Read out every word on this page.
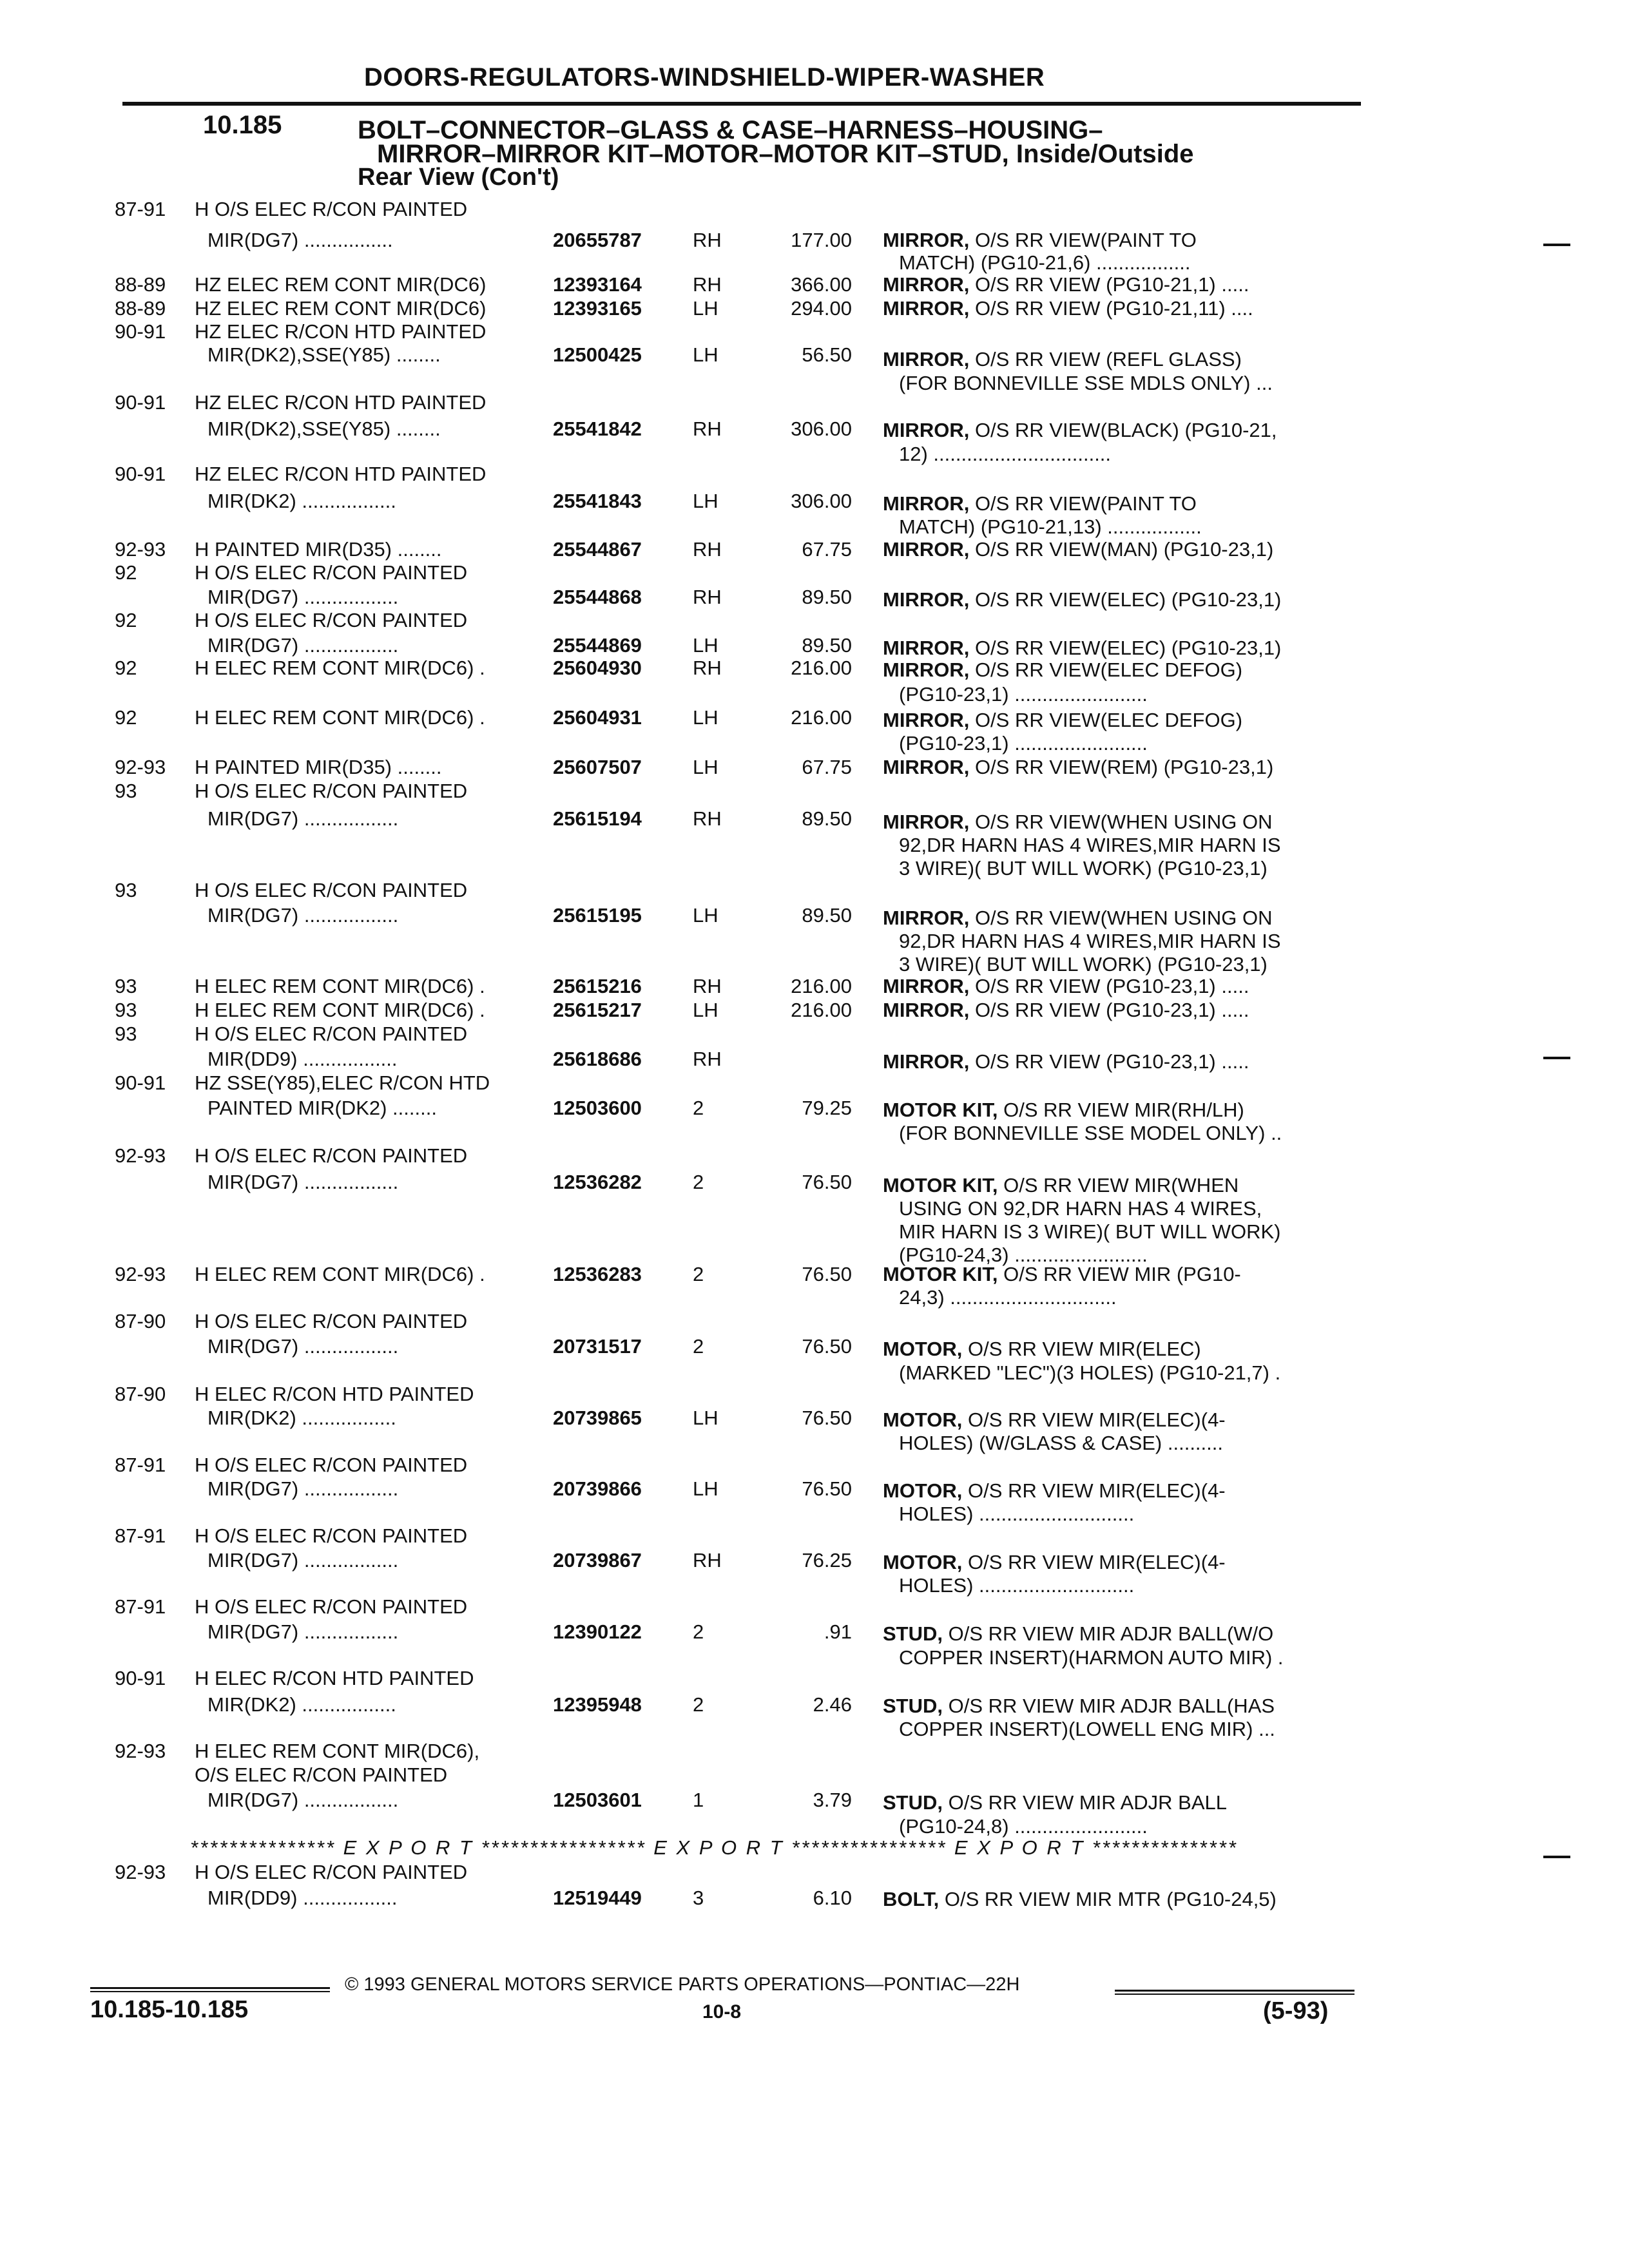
DOORS-REGULATORS-WINDSHIELD-WIPER-WASHER
10.185	BOLT–CONNECTOR–GLASS & CASE–HARNESS–HOUSING–
MIRROR–MIRROR KIT–MOTOR–MOTOR KIT–STUD, Inside/Outside
Rear View (Con't)
87-91 H O/S ELEC R/CON PAINTED
MIR(DG7) ................	20655787	RH	177.00 MIRROR, O/S RR VIEW(PAINT TO
MATCH) (PG10-21,6) .................
88-89 HZ ELEC REM CONT MIR(DC6)	12393164	RH	366.00 MIRROR, O/S RR VIEW (PG10-21,1) .....
88-89 HZ ELEC REM CONT MIR(DC6)	12393165	LH	294.00 MIRROR, O/S RR VIEW (PG10-21,11) ....
90-91 HZ ELEC R/CON HTD PAINTED
MIR(DK2),SSE(Y85) ........	12500425	LH	56.50 MIRROR, O/S RR VIEW (REFL GLASS)
(FOR BONNEVILLE SSE MDLS ONLY) ...
90-91 HZ ELEC R/CON HTD PAINTED
MIR(DK2),SSE(Y85) ........	25541842	RH	306.00 MIRROR, O/S RR VIEW(BLACK) (PG10-21,
12) ................................
90-91 HZ ELEC R/CON HTD PAINTED
MIR(DK2) .................	25541843	LH	306.00 MIRROR, O/S RR VIEW(PAINT TO
MATCH) (PG10-21,13) .................
92-93 H PAINTED MIR(D35) ........	25544867	RH	67.75 MIRROR, O/S RR VIEW(MAN) (PG10-23,1)
92	H O/S ELEC R/CON PAINTED
MIR(DG7) .................	25544868	RH	89.50 MIRROR, O/S RR VIEW(ELEC) (PG10-23,1)
92	H O/S ELEC R/CON PAINTED
MIR(DG7) .................	25544869	LH	89.50 MIRROR, O/S RR VIEW(ELEC) (PG10-23,1)
92	H ELEC REM CONT MIR(DC6) .	25604930	RH	216.00 MIRROR, O/S RR VIEW(ELEC DEFOG)
(PG10-23,1) ........................
92	H ELEC REM CONT MIR(DC6) .	25604931	LH	216.00 MIRROR, O/S RR VIEW(ELEC DEFOG)
(PG10-23,1) ........................
92-93 H PAINTED MIR(D35) ........	25607507	LH	67.75 MIRROR, O/S RR VIEW(REM) (PG10-23,1)
93	H O/S ELEC R/CON PAINTED
MIR(DG7) .................	25615194	RH	89.50 MIRROR, O/S RR VIEW(WHEN USING ON
92,DR HARN HAS 4 WIRES,MIR HARN IS
3 WIRE)( BUT WILL WORK) (PG10-23,1)
93	H O/S ELEC R/CON PAINTED
MIR(DG7) .................	25615195	LH	89.50 MIRROR, O/S RR VIEW(WHEN USING ON
92,DR HARN HAS 4 WIRES,MIR HARN IS
3 WIRE)( BUT WILL WORK) (PG10-23,1)
93	H ELEC REM CONT MIR(DC6) .	25615216	RH	216.00 MIRROR, O/S RR VIEW (PG10-23,1) .....
93	H ELEC REM CONT MIR(DC6) .	25615217	LH	216.00 MIRROR, O/S RR VIEW (PG10-23,1) .....
93	H O/S ELEC R/CON PAINTED
MIR(DD9) .................	25618686	RH	MIRROR, O/S RR VIEW (PG10-23,1) .....
90-91 HZ SSE(Y85),ELEC R/CON HTD
PAINTED MIR(DK2) ........	12503600	2	79.25 MOTOR KIT, O/S RR VIEW MIR(RH/LH)
(FOR BONNEVILLE SSE MODEL ONLY) ..
92-93 H O/S ELEC R/CON PAINTED
MIR(DG7) .................	12536282	2	76.50 MOTOR KIT, O/S RR VIEW MIR(WHEN
USING ON 92,DR HARN HAS 4 WIRES,
MIR HARN IS 3 WIRE)( BUT WILL WORK)
(PG10-24,3) ........................
92-93 H ELEC REM CONT MIR(DC6) .	12536283	2	76.50 MOTOR KIT, O/S RR VIEW MIR (PG10-
24,3) ..............................
87-90 H O/S ELEC R/CON PAINTED
MIR(DG7) .................	20731517	2	76.50 MOTOR, O/S RR VIEW MIR(ELEC)
(MARKED "LEC")(3 HOLES) (PG10-21,7) .
87-90 H ELEC R/CON HTD PAINTED
MIR(DK2) .................	20739865	LH	76.50 MOTOR, O/S RR VIEW MIR(ELEC)(4-
HOLES) (W/GLASS & CASE) ..........
87-91 H O/S ELEC R/CON PAINTED
MIR(DG7) .................	20739866	LH	76.50 MOTOR, O/S RR VIEW MIR(ELEC)(4-
HOLES) ............................
87-91 H O/S ELEC R/CON PAINTED
MIR(DG7) .................	20739867	RH	76.25 MOTOR, O/S RR VIEW MIR(ELEC)(4-
HOLES) ............................
87-91 H O/S ELEC R/CON PAINTED
MIR(DG7) .................	12390122	2	.91 STUD, O/S RR VIEW MIR ADJR BALL(W/O
COPPER INSERT)(HARMON AUTO MIR) .
90-91 H ELEC R/CON HTD PAINTED
MIR(DK2) .................	12395948	2	2.46 STUD, O/S RR VIEW MIR ADJR BALL(HAS
COPPER INSERT)(LOWELL ENG MIR) ...
92-93 H ELEC REM CONT MIR(DC6),
O/S ELEC R/CON PAINTED
MIR(DG7) .................	12503601	1	3.79 STUD, O/S RR VIEW MIR ADJR BALL
(PG10-24,8) ........................
92-93 H O/S ELEC R/CON PAINTED
MIR(DD9) .................	12519449	3	6.10 BOLT, O/S RR VIEW MIR MTR (PG10-24,5)
*************** E X P O R T ***************** E X P O R T **************** E X P O R T ***************
© 1993 GENERAL MOTORS SERVICE PARTS OPERATIONS—PONTIAC—22H
10.185-10.185	10-8	(5-93)
